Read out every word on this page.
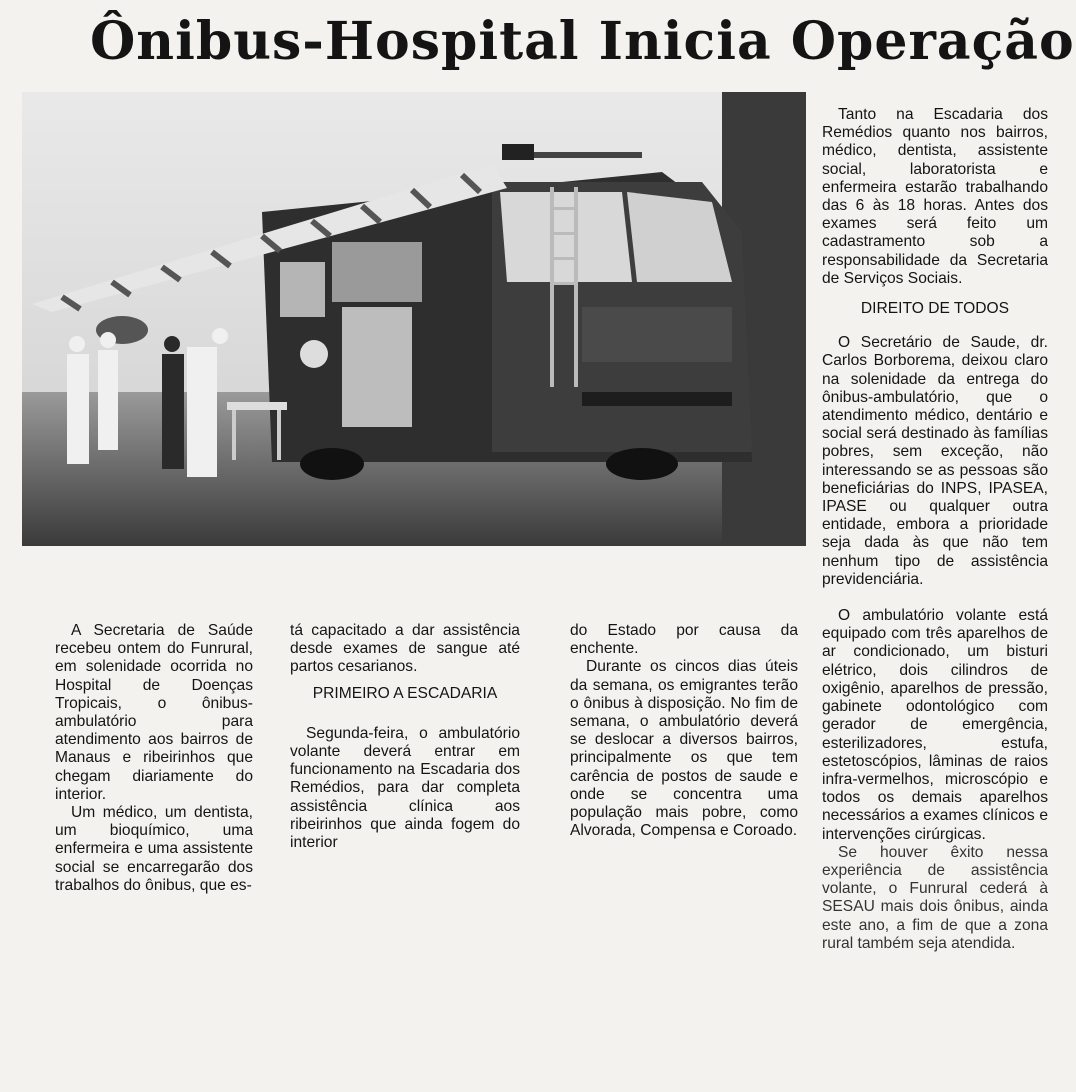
Ônibus-Hospital Inicia Operação

A Secretaria de Saúde recebeu ontem do Funrural, em solenidade ocorrida no Hospital de Doenças Tropicais, o ônibus-ambulatório para atendimento aos bairros de Manaus e ribeirinhos que chegam diariamente do interior.

Um médico, um dentista, um bioquímico, uma enfermeira e uma assistente social se encarregarão dos trabalhos do ônibus, que es-

tá capacitado a dar assistência desde exames de sangue até partos cesarianos.

PRIMEIRO A ESCADARIA

Segunda-feira, o ambulatório volante deverá entrar em funcionamento na Escadaria dos Remédios, para dar completa assistência clínica aos ribeirinhos que ainda fogem do interior

do Estado por causa da enchente.

Durante os cincos dias úteis da semana, os emigrantes terão o ônibus à disposição. No fim de semana, o ambulatório deverá se deslocar a diversos bairros, principalmente os que tem carência de postos de saude e onde se concentra uma população mais pobre, como Alvorada, Compensa e Coroado.

Tanto na Escadaria dos Remédios quanto nos bairros, médico, dentista, assistente social, laboratorista e enfermeira estarão trabalhando das 6 às 18 horas. Antes dos exames será feito um cadastramento sob a responsabilidade da Secretaria de Serviços Sociais.

DIREITO DE TODOS

O Secretário de Saude, dr. Carlos Borborema, deixou claro na solenidade da entrega do ônibus-ambulatório, que o atendimento médico, dentário e social será destinado às famílias pobres, sem exceção, não interessando se as pessoas são beneficiárias do INPS, IPASEA, IPASE ou qualquer outra entidade, embora a prioridade seja dada às que não tem nenhum tipo de assistência previdenciária.

O ambulatório volante está equipado com três aparelhos de ar condicionado, um bisturi elétrico, dois cilindros de oxigênio, aparelhos de pressão, gabinete odontológico com gerador de emergência, esterilizadores, estufa, estetoscópios, lâminas de raios infra-vermelhos, microscópio e todos os demais aparelhos necessários a exames clínicos e intervenções cirúrgicas.

Se houver êxito nessa experiência de assistência volante, o Funrural cederá à SESAU mais dois ônibus, ainda este ano, a fim de que a zona rural também seja atendida.
